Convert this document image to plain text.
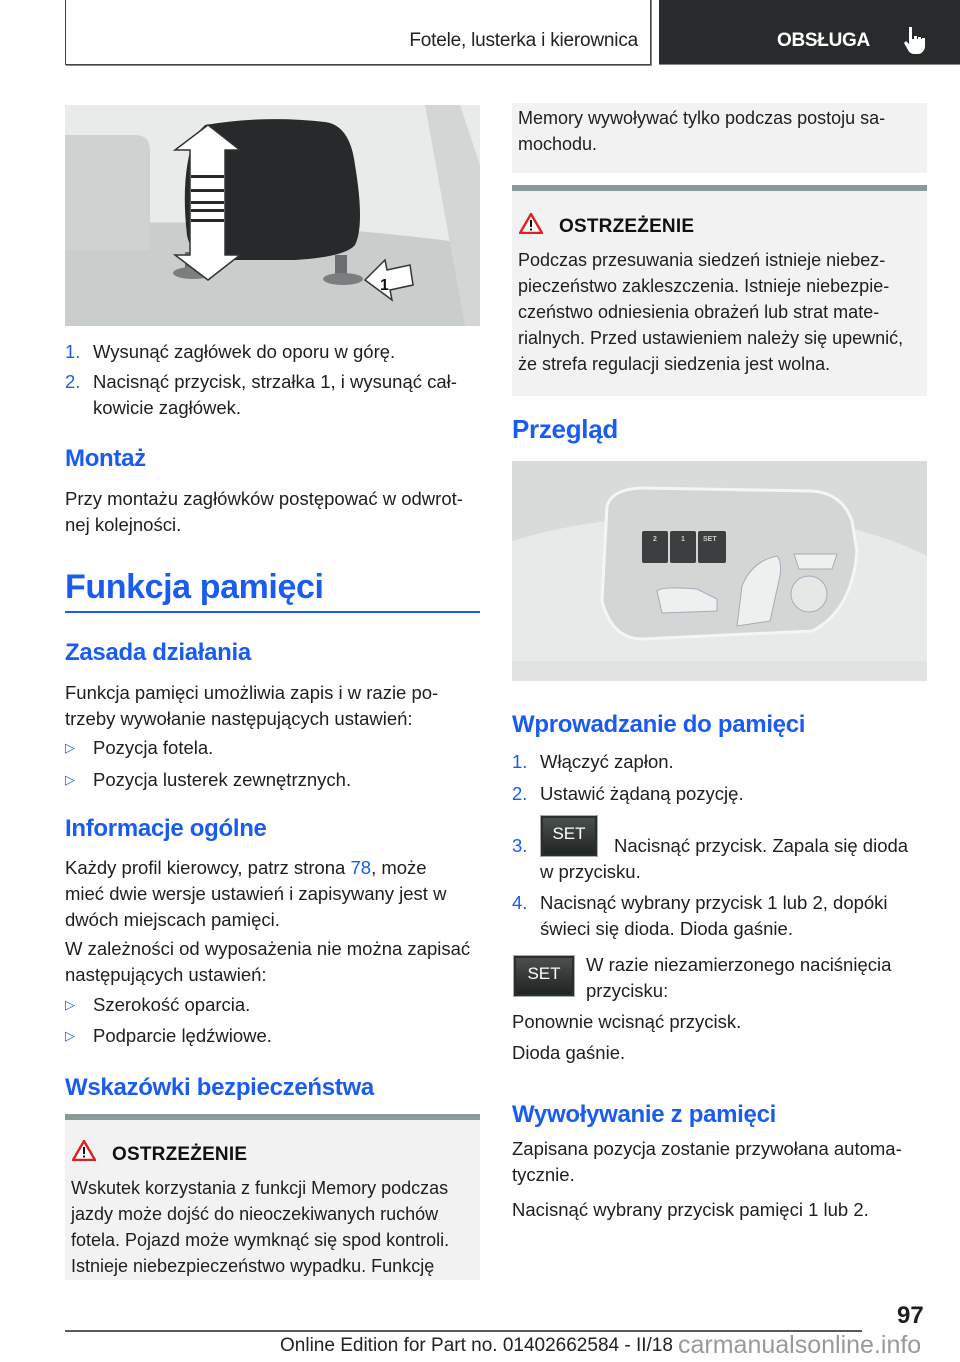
Fotele, lusterka i kierownica	OBSŁUGA
1
1. Wysunąć zagłówek do oporu w górę.
2. Nacisnąć przycisk, strzałka 1, i wysunąć cał-
kowicie zagłówek.
Montaż
Przy montażu zagłówków postępować w odwrot-
nej kolejności.
Funkcja pamięci
Zasada działania
Funkcja pamięci umożliwia zapis i w razie po-
trzeby wywołanie następujących ustawień:
▷ Pozycja fotela.
▷ Pozycja lusterek zewnętrznych.
Informacje ogólne
Każdy profil kierowcy, patrz strona 78, może
mieć dwie wersje ustawień i zapisywany jest w
dwóch miejscach pamięci.
W zależności od wyposażenia nie można zapisać
następujących ustawień:
▷ Szerokość oparcia.
▷ Podparcie lędźwiowe.
Wskazówki bezpieczeństwa
OSTRZEŻENIE
Wskutek korzystania z funkcji Memory podczas
jazdy może dojść do nieoczekiwanych ruchów
fotela. Pojazd może wymknąć się spod kontroli.
Istnieje niebezpieczeństwo wypadku. Funkcję
Memory wywoływać tylko podczas postoju sa-
mochodu.
OSTRZEŻENIE
Podczas przesuwania siedzeń istnieje niebez-
pieczeństwo zakleszczenia. Istnieje niebezpie-
czeństwo odniesienia obrażeń lub strat mate-
rialnych. Przed ustawieniem należy się upewnić,
że strefa regulacji siedzenia jest wolna.
Przegląd
2	1	SET
Wprowadzanie do pamięci
1. Włączyć zapłon.
2. Ustawić żądaną pozycję.
3.
SET
Nacisnąć przycisk. Zapala się dioda
w przycisku.
4. Nacisnąć wybrany przycisk 1 lub 2, dopóki
świeci się dioda. Dioda gaśnie.
SET	W razie niezamierzonego naciśnięcia
przycisku:
Ponownie wcisnąć przycisk.
Dioda gaśnie.
Wywoływanie z pamięci
Zapisana pozycja zostanie przywołana automa-
tycznie.
Nacisnąć wybrany przycisk pamięci 1 lub 2.
97
Online Edition for Part no. 01402662584 - II/18 carmanualsonline.info
